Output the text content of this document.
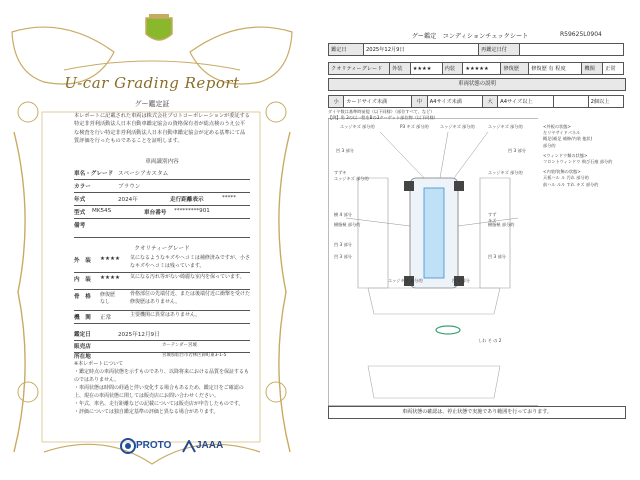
U-car Grading Report
グー鑑定証
本レポートに記載された車両は株式会社プロトコーポレーションが委託する特定非営利活動法人日本自動車鑑定協会の資格保有者が総点検のうえ公平な検査を行い特定非営利活動法人日本自動車鑑定協会が定める基準にて品質評価を行ったものであることを証明します。
車両識別内容
車名・グレード スペーシアカスタム
カラー	ブラウン
年式	2024年	走行距離表示	*****
型式 MK54S	車台番号 *********901
備考
クオリティーグレード
外　装 ★★★★ 気になるようなキズやヘコミは補修済みですが、小さなキズやヘコミは残っています。
内　装 ★★★★ 気になる汚れ等がない綺麗な室内を保っています。
骨　格 修復歴
なし
骨格部位の先端付近、または後端付近に衝撃を受けた修復歴はありません。
機　関 正常	主要機関に異常はありません。
鑑定日	2025年12月9日
販売店	カーテンダー宮城
所在地	宮城県仙台市若林区卸町東3-1-5
※本レポートについて
・鑑定時点の車両状態を示すものであり、以降将来における品質を保証するものではありません。
・車両状態は時間の経過と伴い変化する場合もあるため、鑑定日をご確認の上、現在の車両状態に関しては販売店にお問い合わせください。
・年式、車名、走行距離などの記載については販売店が申告したものです。
・評価については独自鑑定基準の評価と異なる場合があります。
PROTO JAAA
グー鑑定　コンディションチェックシート	R59625L0904
鑑定日	2025年12月9日	再鑑定日付	
クオリティーグレード	外装	★★★★	内装	★★★★★	修復歴	修復歴 有 程度	機関	正常
車両状態の説明
小	カードサイズ未満	中	A4サイズ未満	大	A4サイズ以上		2個以上
ダイヤ数は基準時前提（以下同様）（部位すべて、など）
【例】角 3の以一程をBの3ターゲット部位物（以下同様）
エッジキズ 部分的	P3 キズ 部分的	エッジキズ 部分的	エッジキズ 部分的
凹 3 部分	凹 3 部分
すずキ
エッジキズ 部分的
エッジキズ 部分的
樹 4 部分	すず
キズ
樹脂極 部分的	樹脂極 部分的
凹 3 部分
凹 3 部分	凹 3 部分
エッジキズ 部分的	凹 3 部分
しわ そ の 2
<外板の状態>
左リヤサイドパネル
概足(補足 補修/内装 他状)
部分的
<ウィンドウ類の状態>
フロントウィンドウ 飛び石痕 部分的
<内装/装飾の状態>
天板ハル ル 汚れ 部分的
前ハル ルル すれ キズ 部分的
車両状態の確認は、停止状態で実施であり範囲を行っております。
